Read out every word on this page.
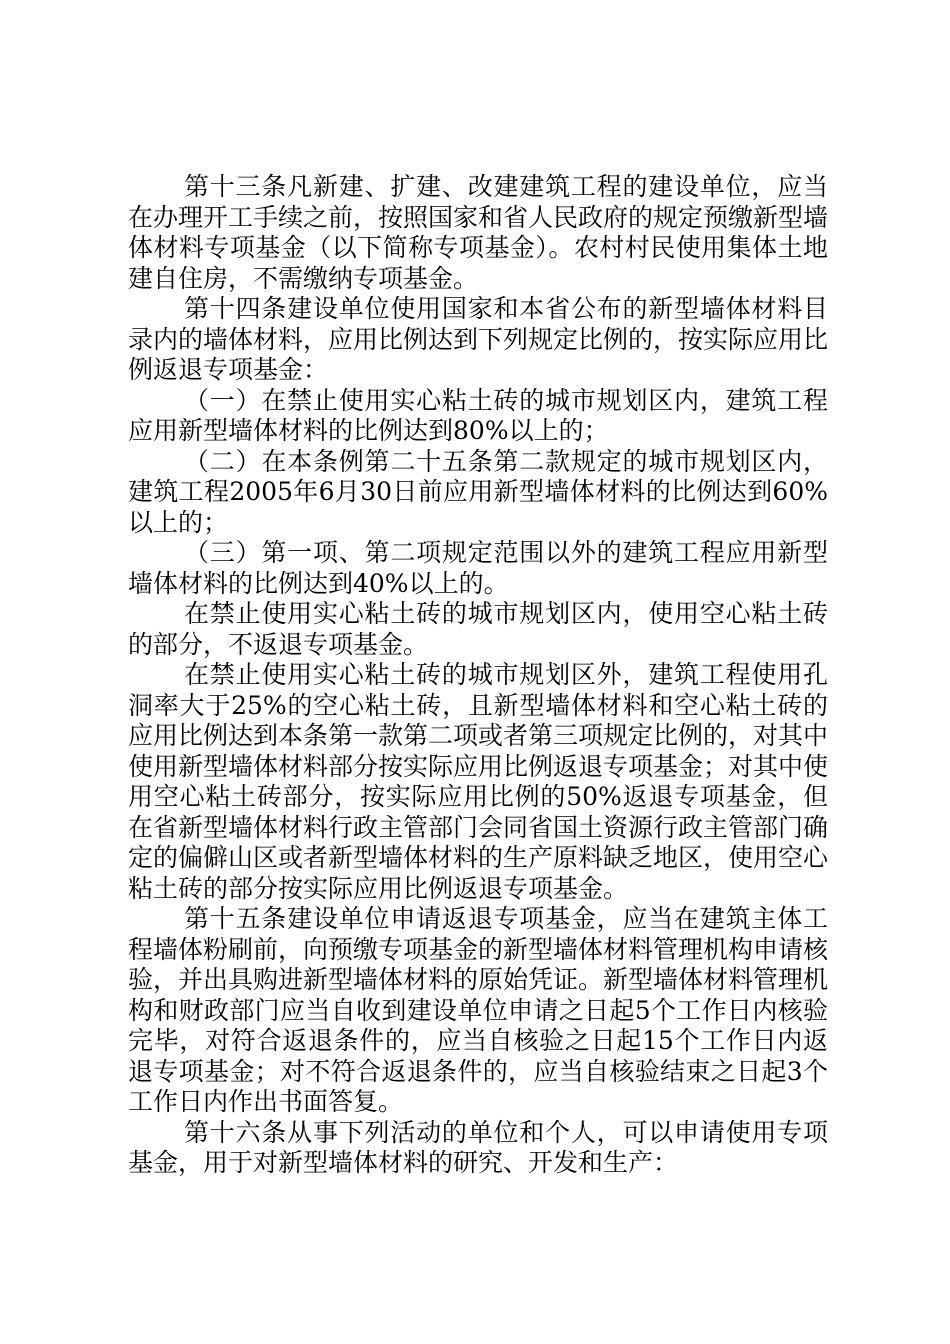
第十三条凡新建、扩建、改建建筑工程的建设单位，应当在办理开工手续之前，按照国家和省人民政府的规定预缴新型墙体材料专项基金（以下简称专项基金）。农村村民使用集体土地建自住房，不需缴纳专项基金。

第十四条建设单位使用国家和本省公布的新型墙体材料目录内的墙体材料，应用比例达到下列规定比例的，按实际应用比例返退专项基金：

（一）在禁止使用实心粘土砖的城市规划区内，建筑工程应用新型墙体材料的比例达到80%以上的；

（二）在本条例第二十五条第二款规定的城市规划区内，建筑工程2005年6月30日前应用新型墙体材料的比例达到60%以上的；

（三）第一项、第二项规定范围以外的建筑工程应用新型墙体材料的比例达到40%以上的。

在禁止使用实心粘土砖的城市规划区内，使用空心粘土砖的部分，不返退专项基金。

在禁止使用实心粘土砖的城市规划区外，建筑工程使用孔洞率大于25%的空心粘土砖，且新型墙体材料和空心粘土砖的应用比例达到本条第一款第二项或者第三项规定比例的，对其中使用新型墙体材料部分按实际应用比例返退专项基金；对其中使用空心粘土砖部分，按实际应用比例的50%返退专项基金，但在省新型墙体材料行政主管部门会同省国土资源行政主管部门确定的偏僻山区或者新型墙体材料的生产原料缺乏地区，使用空心粘土砖的部分按实际应用比例返退专项基金。

第十五条建设单位申请返退专项基金，应当在建筑主体工程墙体粉刷前，向预缴专项基金的新型墙体材料管理机构申请核验，并出具购进新型墙体材料的原始凭证。新型墙体材料管理机构和财政部门应当自收到建设单位申请之日起5个工作日内核验完毕，对符合返退条件的，应当自核验之日起15个工作日内返退专项基金；对不符合返退条件的，应当自核验结束之日起3个工作日内作出书面答复。

第十六条从事下列活动的单位和个人，可以申请使用专项基金，用于对新型墙体材料的研究、开发和生产：
